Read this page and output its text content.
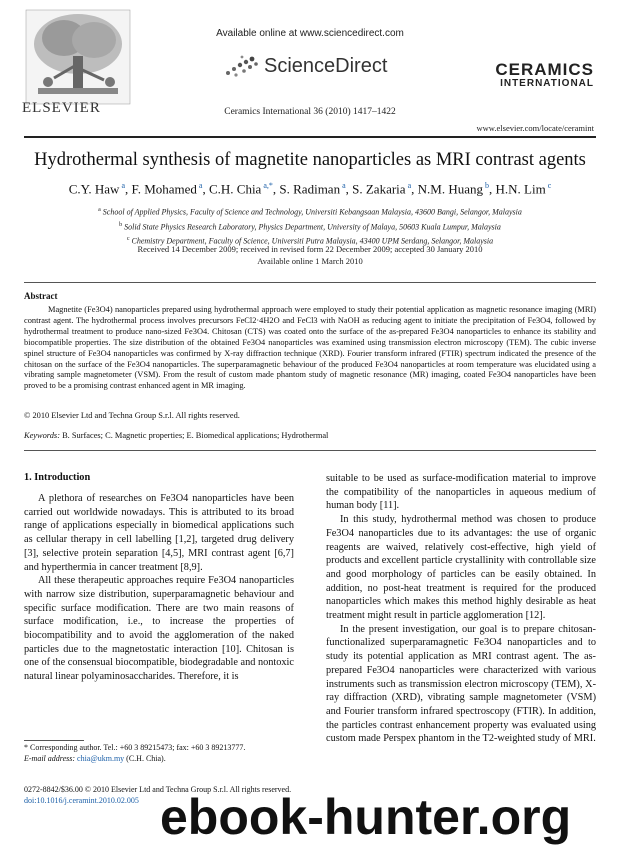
ELSEVIER
Available online at www.sciencedirect.com
ScienceDirect
Ceramics International 36 (2010) 1417–1422
CERAMICS
INTERNATIONAL
www.elsevier.com/locate/ceramint
Hydrothermal synthesis of magnetite nanoparticles as MRI contrast agents
C.Y. Haw $^a$, F. Mohamed $^a$, C.H. Chia $^{a,*}$, S. Radiman $^a$, S. Zakaria $^a$, N.M. Huang $^b$, H.N. Lim $^c$
$^a$ School of Applied Physics, Faculty of Science and Technology, Universiti Kebangsaan Malaysia, 43600 Bangi, Selangor, Malaysia
$^b$ Solid State Physics Research Laboratory, Physics Department, University of Malaya, 50603 Kuala Lumpur, Malaysia
$^c$ Chemistry Department, Faculty of Science, Universiti Putra Malaysia, 43400 UPM Serdang, Selangor, Malaysia
Received 14 December 2009; received in revised form 22 December 2009; accepted 30 January 2010
Available online 1 March 2010
Abstract

Magnetite (Fe3O4) nanoparticles prepared using hydrothermal approach were employed to study their potential application as magnetic resonance imaging (MRI) contrast agent. The hydrothermal process involves precursors FeCl2·4H2O and FeCl3 with NaOH as reducing agent to initiate the precipitation of Fe3O4, followed by hydrothermal treatment to produce nano-sized Fe3O4. Chitosan (CTS) was coated onto the surface of the as-prepared Fe3O4 nanoparticles to enhance its stability and biocompatible properties. The size distribution of the obtained Fe3O4 nanoparticles was examined using transmission electron microscopy (TEM). The cubic inverse spinel structure of Fe3O4 nanoparticles was confirmed by X-ray diffraction technique (XRD). Fourier transform infrared (FTIR) spectrum indicated the presence of the chitosan on the surface of the Fe3O4 nanoparticles. The superparamagnetic behaviour of the produced Fe3O4 nanoparticles at room temperature was elucidated using a vibrating sample magnetometer (VSM). From the result of custom made phantom study of magnetic resonance (MR) imaging, coated Fe3O4 nanoparticles have been proved to be a promising contrast enhanced agent in MR imaging.

© 2010 Elsevier Ltd and Techna Group S.r.l. All rights reserved.
Keywords: B. Surfaces; C. Magnetic properties; E. Biomedical applications; Hydrothermal
1. Introduction

A plethora of researches on Fe3O4 nanoparticles have been carried out worldwide nowadays. This is attributed to its broad range of applications especially in biomedical applications such as cellular therapy in cell labelling [1,2], targeted drug delivery [3], selective protein separation [4,5], MRI contrast agent [6,7] and hyperthermia in cancer treatment [8,9].

All these therapeutic approaches require Fe3O4 nanoparticles with narrow size distribution, superparamagnetic behaviour and specific surface modification. There are two main reasons of surface modification, i.e., to increase the properties of biocompatibility and to avoid the agglomeration of the naked particles due to the magnetostatic interaction [10]. Chitosan is one of the consensual biocompatible, biodegradable and nontoxic natural linear polyaminosaccharides. Therefore, it is

suitable to be used as surface-modification material to improve the compatibility of the nanoparticles in aqueous medium of human body [11].

In this study, hydrothermal method was chosen to produce Fe3O4 nanoparticles due to its advantages: the use of organic reagents are waived, relatively cost-effective, high yield of products and excellent particle crystallinity with controllable size and good morphology of particles can be easily obtained. In addition, no post-heat treatment is required for the produced nanoparticles which makes this method highly desirable as heat treatment might result in particle agglomeration [12].

In the present investigation, our goal is to prepare chitosan-functionalized superparamagnetic Fe3O4 nanoparticles and to study its potential application as MRI contrast agent. The as-prepared Fe3O4 nanoparticles were characterized with various instruments such as transmission electron microscopy (TEM), X-ray diffraction (XRD), vibrating sample magnetometer (VSM) and Fourier transform infrared spectroscopy (FTIR). In addition, the particles contrast enhancement property was evaluated using custom made Perspex phantom in the T2-weighted study of MRI.

* Corresponding author. Tel.: +60 3 89215473; fax: +60 3 89213777.
E-mail address: chia@ukm.my (C.H. Chia).
0272-8842/$36.00 © 2010 Elsevier Ltd and Techna Group S.r.l. All rights reserved.
doi:10.1016/j.ceramint.2010.02.005 ebook-hunter.org
